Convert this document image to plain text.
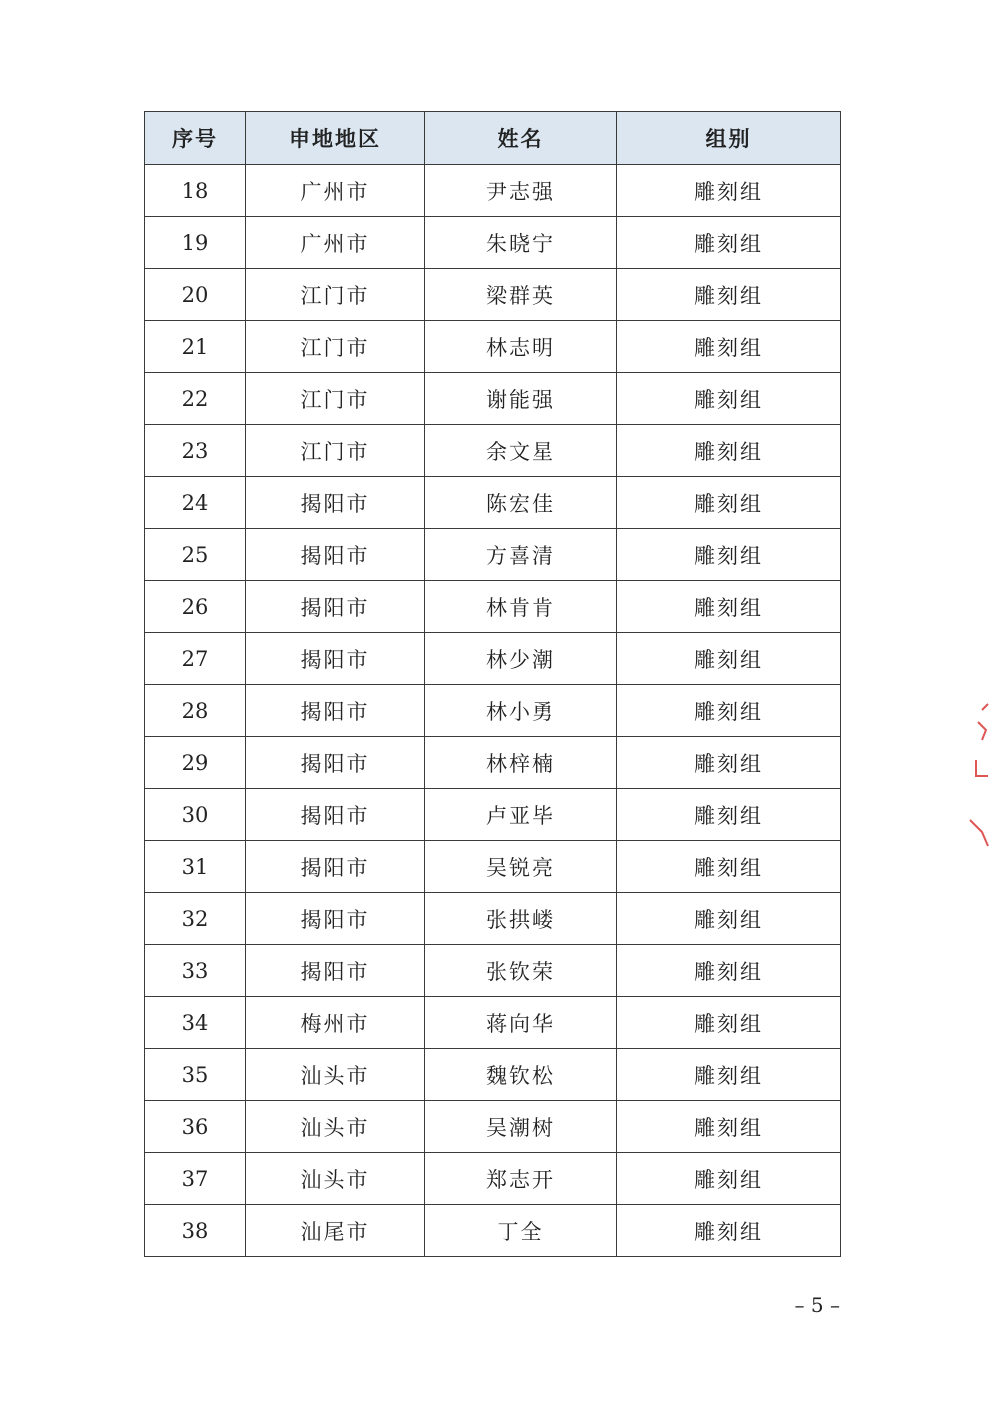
序号	申地地区	姓名	组别
18	广州市	尹志强	雕刻组
19	广州市	朱晓宁	雕刻组
20	江门市	梁群英	雕刻组
21	江门市	林志明	雕刻组
22	江门市	谢能强	雕刻组
23	江门市	余文星	雕刻组
24	揭阳市	陈宏佳	雕刻组
25	揭阳市	方喜清	雕刻组
26	揭阳市	林肯肯	雕刻组
27	揭阳市	林少潮	雕刻组
28	揭阳市	林小勇	雕刻组
29	揭阳市	林梓楠	雕刻组
30	揭阳市	卢亚毕	雕刻组
31	揭阳市	吴锐亮	雕刻组
32	揭阳市	张拱嵝	雕刻组
33	揭阳市	张钦荣	雕刻组
34	梅州市	蒋向华	雕刻组
35	汕头市	魏钦松	雕刻组
36	汕头市	吴潮树	雕刻组
37	汕头市	郑志开	雕刻组
38	汕尾市	丁全	雕刻组
– 5 –
